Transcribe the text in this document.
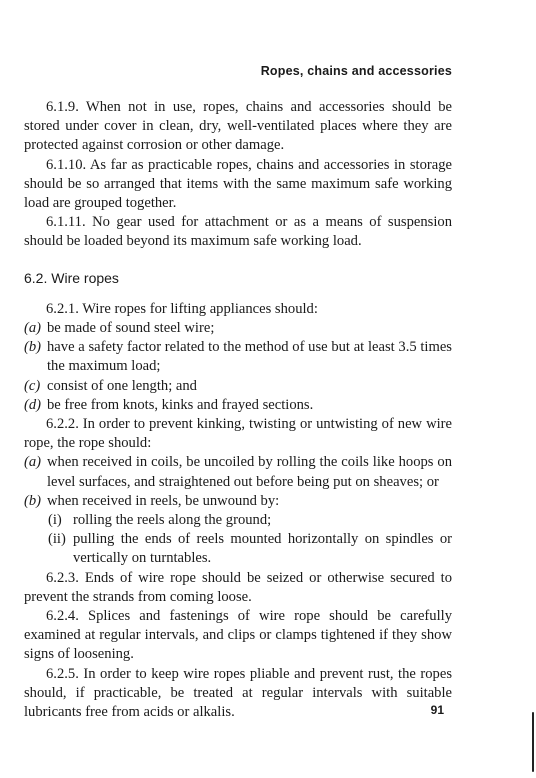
Ropes, chains and accessories

6.1.9. When not in use, ropes, chains and accessories should be stored under cover in clean, dry, well-ventilated places where they are protected against corrosion or other damage.

6.1.10. As far as practicable ropes, chains and accessories in storage should be so arranged that items with the same maximum safe working load are grouped together.

6.1.11. No gear used for attachment or as a means of suspension should be loaded beyond its maximum safe working load.

6.2. Wire ropes

6.2.1. Wire ropes for lifting appliances should:

(a) be made of sound steel wire;
(b) have a safety factor related to the method of use but at least 3.5 times the maximum load;
(c) consist of one length; and
(d) be free from knots, kinks and frayed sections.

6.2.2. In order to prevent kinking, twisting or untwisting of new wire rope, the rope should:

(a) when received in coils, be uncoiled by rolling the coils like hoops on level surfaces, and straightened out before being put on sheaves; or
(b) when received in reels, be unwound by:
(i) rolling the reels along the ground;
(ii) pulling the ends of reels mounted horizontally on spindles or vertically on turntables.

6.2.3. Ends of wire rope should be seized or otherwise secured to prevent the strands from coming loose.

6.2.4. Splices and fastenings of wire rope should be carefully examined at regular intervals, and clips or clamps tightened if they show signs of loosening.

6.2.5. In order to keep wire ropes pliable and prevent rust, the ropes should, if practicable, be treated at regular intervals with suitable lubricants free from acids or alkalis.	91
